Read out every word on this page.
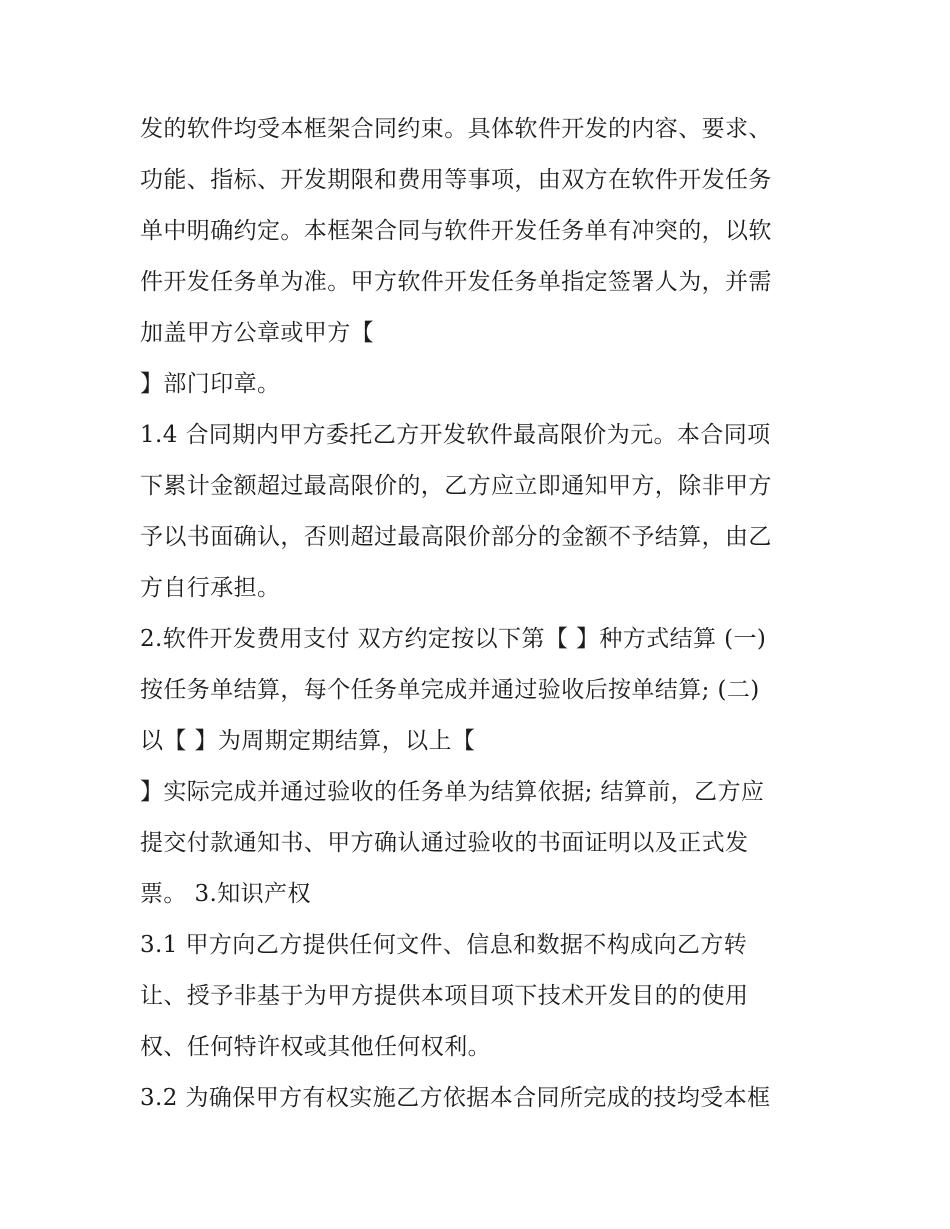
发的软件均受本框架合同约束。具体软件开发的内容、要求、
功能、指标、开发期限和费用等事项，由双方在软件开发任务
单中明确约定。本框架合同与软件开发任务单有冲突的，以软
件开发任务单为准。甲方软件开发任务单指定签署人为，并需
加盖甲方公章或甲方【
】部门印章。
1.4 合同期内甲方委托乙方开发软件最高限价为元。本合同项
下累计金额超过最高限价的，乙方应立即通知甲方，除非甲方
予以书面确认，否则超过最高限价部分的金额不予结算，由乙
方自行承担。
2.软件开发费用支付 双方约定按以下第【 】种方式结算 (一)
按任务单结算，每个任务单完成并通过验收后按单结算; (二)
以【 】为周期定期结算，以上【
】实际完成并通过验收的任务单为结算依据; 结算前，乙方应
提交付款通知书、甲方确认通过验收的书面证明以及正式发
票。 3.知识产权
3.1 甲方向乙方提供任何文件、信息和数据不构成向乙方转
让、授予非基于为甲方提供本项目项下技术开发目的的使用
权、任何特许权或其他任何权利。
3.2 为确保甲方有权实施乙方依据本合同所完成的技均受本框
